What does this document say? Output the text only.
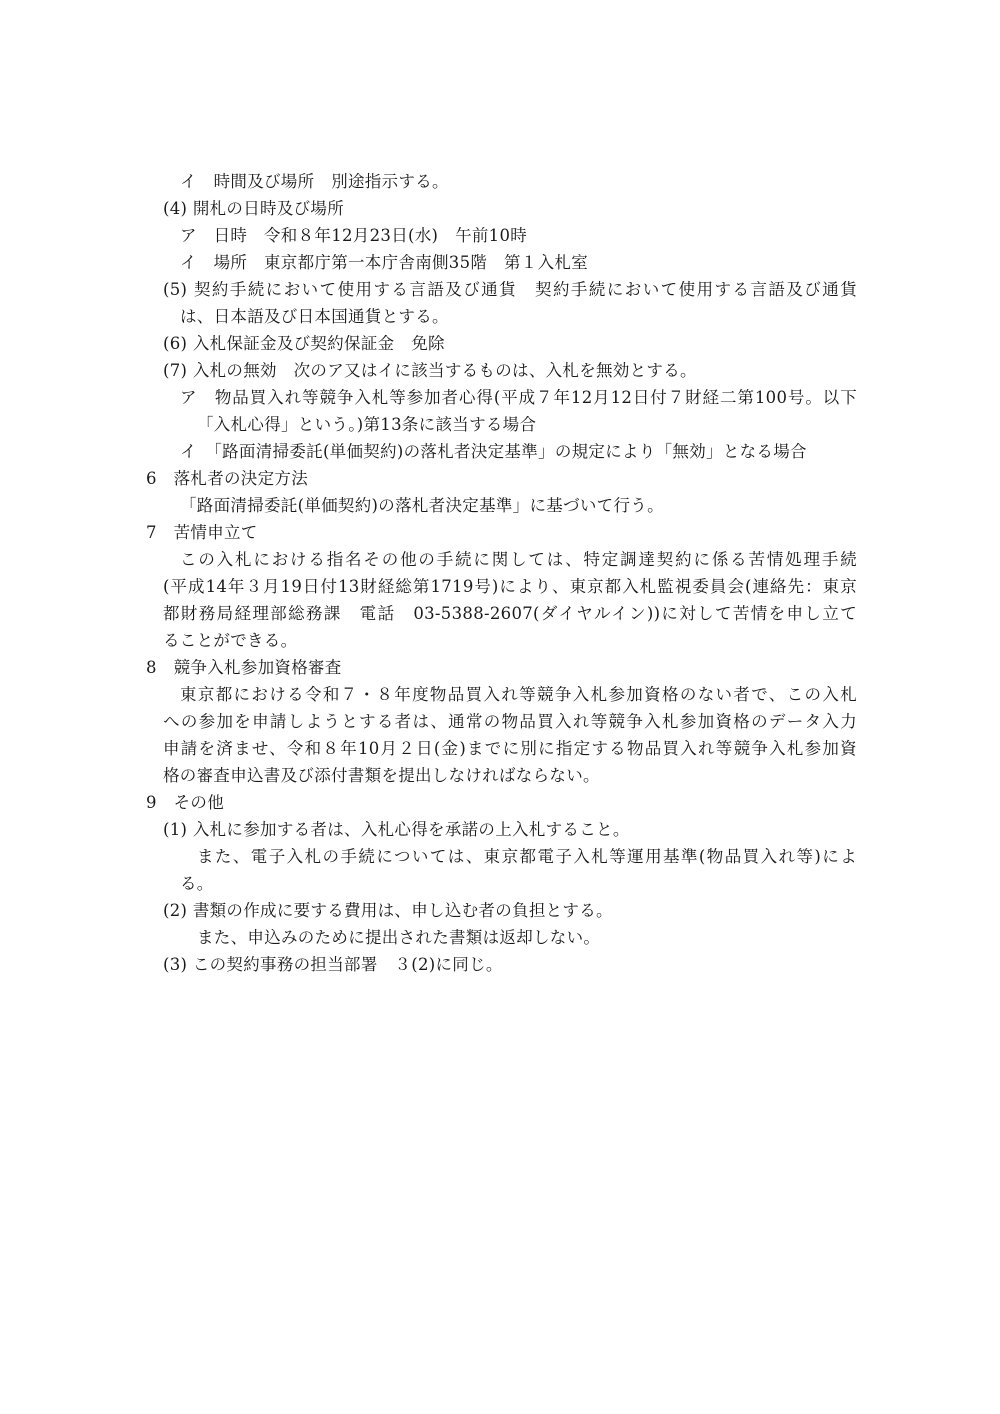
イ　時間及び場所　別途指示する。
(4) 開札の日時及び場所
ア　日時　令和８年12月23日(水)　午前10時
イ　場所　東京都庁第一本庁舎南側35階　第１入札室
(5) 契約手続において使用する言語及び通貨　契約手続において使用する言語及び通貨
は、日本語及び日本国通貨とする。
(6) 入札保証金及び契約保証金　免除
(7) 入札の無効　次のア又はイに該当するものは、入札を無効とする。
ア　物品買入れ等競争入札等参加者心得(平成７年12月12日付７財経二第100号。以下
「入札心得」という。)第13条に該当する場合
イ　「路面清掃委託(単価契約)の落札者決定基準」の規定により「無効」となる場合
6　落札者の決定方法
「路面清掃委託(単価契約)の落札者決定基準」に基づいて行う。
7　苦情申立て
この入札における指名その他の手続に関しては、特定調達契約に係る苦情処理手続
(平成14年３月19日付13財経総第1719号)により、東京都入札監視委員会(連絡先：東京
都財務局経理部総務課　電話　03-5388-2607(ダイヤルイン))に対して苦情を申し立て
ることができる。
8　競争入札参加資格審査
東京都における令和７・８年度物品買入れ等競争入札参加資格のない者で、この入札
への参加を申請しようとする者は、通常の物品買入れ等競争入札参加資格のデータ入力
申請を済ませ、令和８年10月２日(金)までに別に指定する物品買入れ等競争入札参加資
格の審査申込書及び添付書類を提出しなければならない。
9　その他
(1) 入札に参加する者は、入札心得を承諾の上入札すること。
また、電子入札の手続については、東京都電子入札等運用基準(物品買入れ等)によ
る。
(2) 書類の作成に要する費用は、申し込む者の負担とする。
また、申込みのために提出された書類は返却しない。
(3) この契約事務の担当部署　３(2)に同じ。
